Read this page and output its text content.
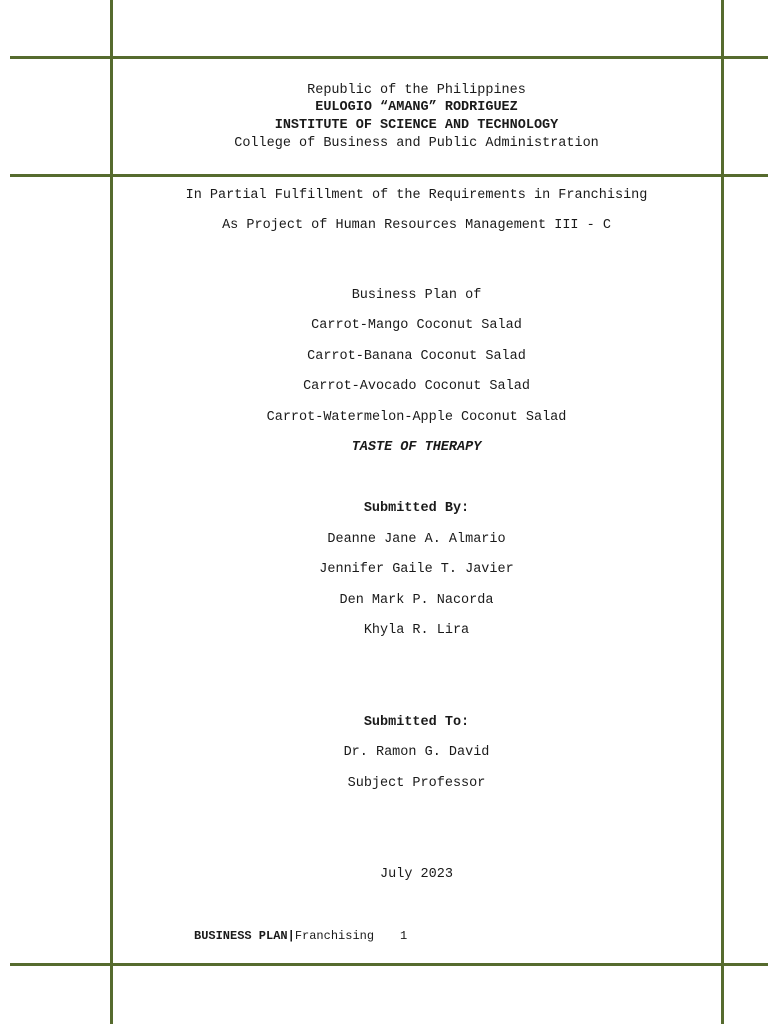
Republic of the Philippines
EULOGIO “AMANG” RODRIGUEZ
INSTITUTE OF SCIENCE AND TECHNOLOGY
College of Business and Public Administration
In Partial Fulfillment of the Requirements in Franchising
As Project of Human Resources Management III - C
Business Plan of
Carrot-Mango Coconut Salad
Carrot-Banana Coconut Salad
Carrot-Avocado Coconut Salad
Carrot-Watermelon-Apple Coconut Salad
TASTE OF THERAPY
Submitted By:
Deanne Jane A. Almario
Jennifer Gaile T. Javier
Den Mark P. Nacorda
Khyla R. Lira
Submitted To:
Dr. Ramon G. David
Subject Professor
July 2023
BUSINESS PLAN|Franchising 1
